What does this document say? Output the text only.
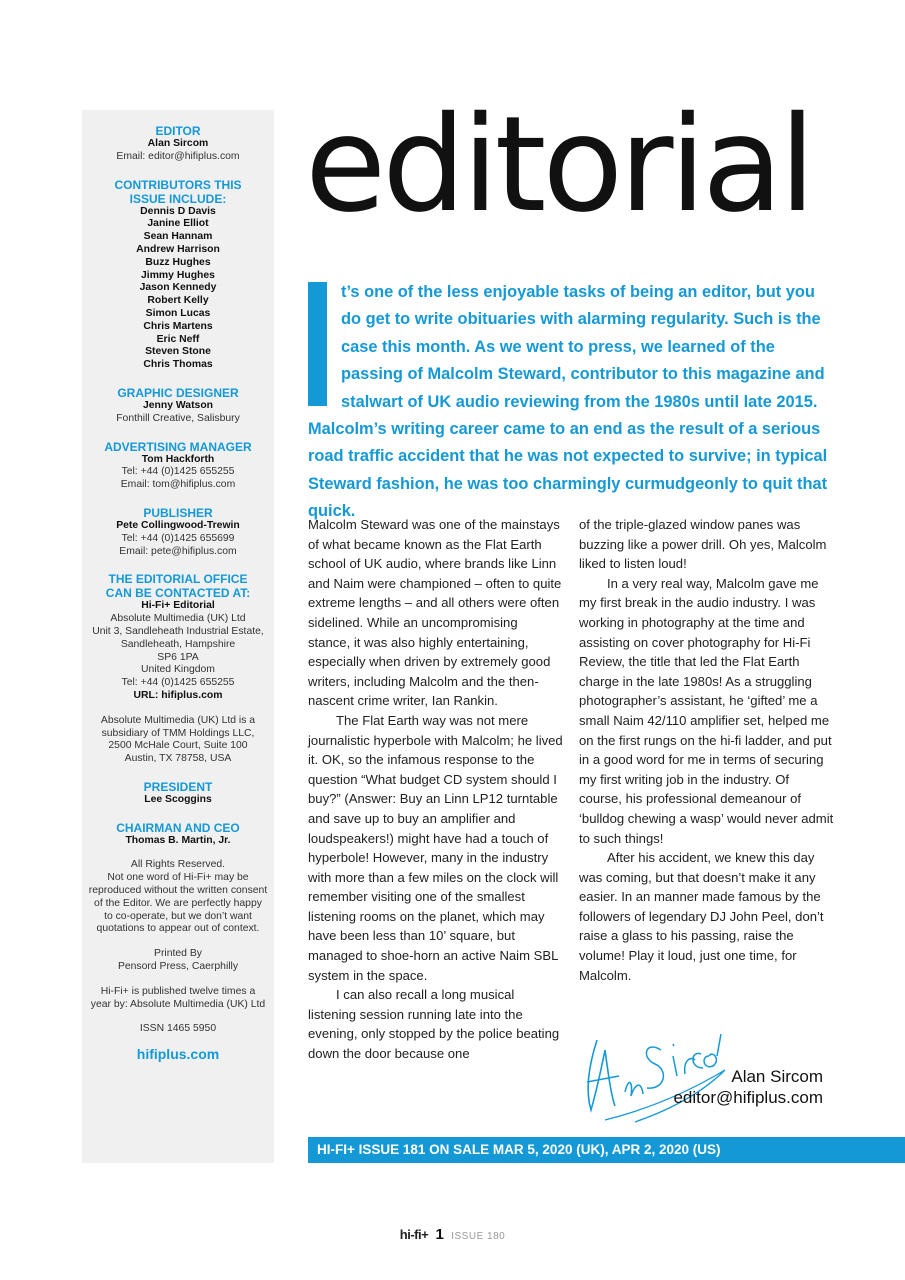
EDITOR
Alan Sircom
Email: editor@hifiplus.com
CONTRIBUTORS THIS
ISSUE INCLUDE:
Dennis D Davis
Janine Elliot
Sean Hannam
Andrew Harrison
Buzz Hughes
Jimmy Hughes
Jason Kennedy
Robert Kelly
Simon Lucas
Chris Martens
Eric Neff
Steven Stone
Chris Thomas
GRAPHIC DESIGNER
Jenny Watson
Fonthill Creative, Salisbury
ADVERTISING MANAGER
Tom Hackforth
Tel: +44 (0)1425 655255
Email: tom@hifiplus.com
PUBLISHER
Pete Collingwood-Trewin
Tel: +44 (0)1425 655699
Email: pete@hifiplus.com
THE EDITORIAL OFFICE
CAN BE CONTACTED AT:
Hi-Fi+ Editorial
Absolute Multimedia (UK) Ltd
Unit 3, Sandleheath Industrial Estate,
Sandleheath, Hampshire
SP6 1PA
United Kingdom
Tel: +44 (0)1425 655255
URL: hifiplus.com
Absolute Multimedia (UK) Ltd is a
subsidiary of TMM Holdings LLC,
2500 McHale Court, Suite 100
Austin, TX 78758, USA
PRESIDENT
Lee Scoggins
CHAIRMAN AND CEO
Thomas B. Martin, Jr.
All Rights Reserved.
Not one word of Hi-Fi+ may be
reproduced without the written consent
of the Editor. We are perfectly happy
to co-operate, but we don’t want
quotations to appear out of context.
Printed By
Pensord Press, Caerphilly
Hi-Fi+ is published twelve times a
year by: Absolute Multimedia (UK) Ltd
ISSN 1465 5950
hifiplus.com
editorial
t’s one of the less enjoyable tasks of being an editor, but you do get to write obituaries with alarming regularity. Such is the case this month. As we went to press, we learned of the passing of Malcolm Steward, contributor to this magazine and stalwart of UK audio reviewing from the 1980s until late 2015. Malcolm’s writing career came to an end as the result of a serious road traffic accident that he was not expected to survive; in typical Steward fashion, he was too charmingly curmudgeonly to quit that quick.

Malcolm Steward was one of the mainstays of what became known as the Flat Earth school of UK audio, where brands like Linn and Naim were championed – often to quite extreme lengths – and all others were often sidelined. While an uncompromising stance, it was also highly entertaining, especially when driven by extremely good writers, including Malcolm and the then-nascent crime writer, Ian Rankin.

The Flat Earth way was not mere journalistic hyperbole with Malcolm; he lived it. OK, so the infamous response to the question “What budget CD system should I buy?” (Answer: Buy an Linn LP12 turntable and save up to buy an amplifier and loudspeakers!) might have had a touch of hyperbole! However, many in the industry with more than a few miles on the clock will remember visiting one of the smallest listening rooms on the planet, which may have been less than 10’ square, but managed to shoe-horn an active Naim SBL system in the space.

I can also recall a long musical listening session running late into the evening, only stopped by the police beating down the door because one

of the triple-glazed window panes was buzzing like a power drill. Oh yes, Malcolm liked to listen loud!

In a very real way, Malcolm gave me my first break in the audio industry. I was working in photography at the time and assisting on cover photography for Hi-Fi Review, the title that led the Flat Earth charge in the late 1980s! As a struggling photographer’s assistant, he ‘gifted’ me a small Naim 42/110 amplifier set, helped me on the first rungs on the hi-fi ladder, and put in a good word for me in terms of securing my first writing job in the industry. Of course, his professional demeanour of ‘bulldog chewing a wasp’ would never admit to such things!

After his accident, we knew this day was coming, but that doesn’t make it any easier. In an manner made famous by the followers of legendary DJ John Peel, don’t raise a glass to his passing, raise the volume! Play it loud, just one time, for Malcolm.

Alan Sircom
editor@hifiplus.com
HI-FI+ ISSUE 181 ON SALE MAR 5, 2020 (UK), APR 2, 2020 (US)
hi-fi+ 1 ISSUE 180
